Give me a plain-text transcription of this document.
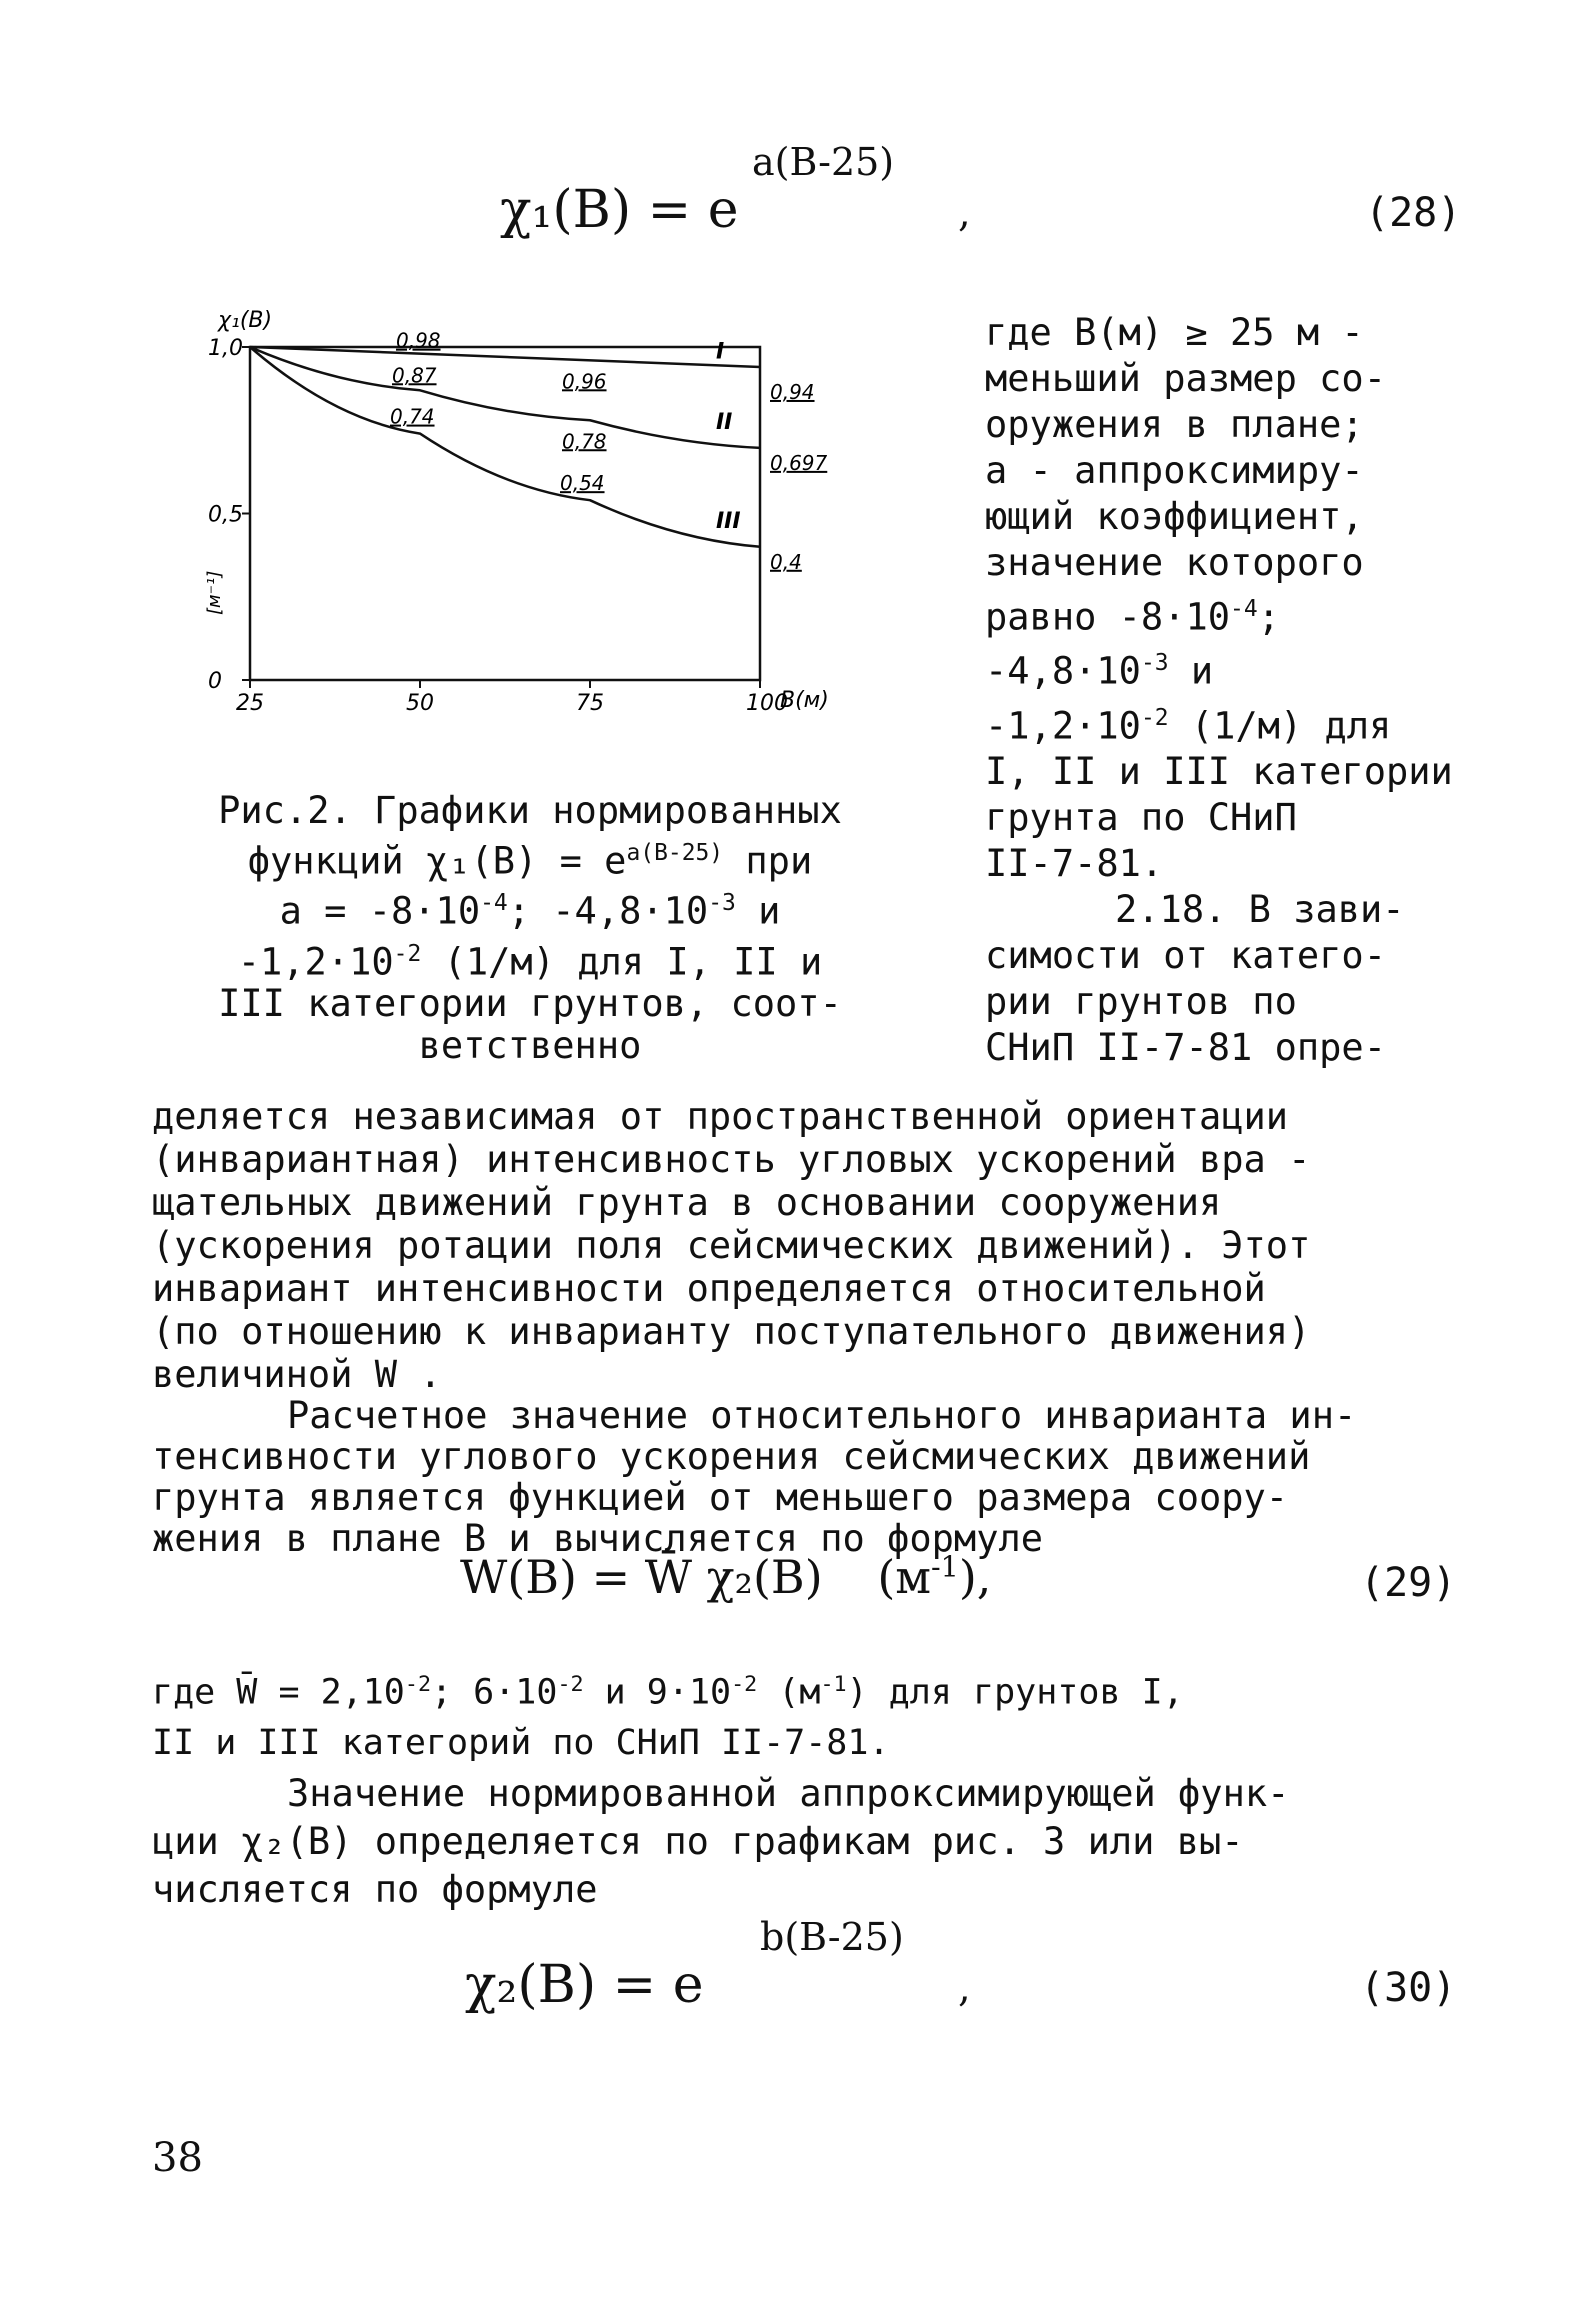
χ₁(B) = e
a(B-25)
,	(28)
χ₁(B)
[м⁻¹]
25	50	75	100
0
0,5
1,0	I
II
III
0,98
0,96	0,94
0,87
0,78
0,697
0,74
0,54
0,4
B(м)
Рис.2. Графики нормированных
функций $\chi_1(B) = e^{a(B-25)}$ при
$a = -8\cdot 10^{-4}$; $-4,8\cdot 10^{-3}$ и
$-1,2\cdot 10^{-2}$ (1/м) для I, II и
III категории грунтов, соот-
ветственно
где B(м) ≥ 25 м -
меньший размер со-
оружения в плане;
a - аппроксимиру-
ющий коэффициент,
значение которого
равно $-8\cdot 10^{-4}$;
$-4,8\cdot 10^{-3}$ и
$-1,2\cdot 10^{-2}$ (1/м) для
I, II и III категории
грунта по СНиП
II-7-81.
2.18. В зави-
симости от катего-
рии грунтов по
СНиП II-7-81 опре-
деляется независимая от пространственной ориентации
(инвариантная) интенсивность угловых ускорений вра -
щательных движений грунта в основании сооружения
(ускорения ротации поля сейсмических движений). Этот
инвариант интенсивности определяется относительной
(по отношению к инварианту поступательного движения)
величиной W .
Расчетное значение относительного инварианта ин-
тенсивности углового ускорения сейсмических движений
грунта является функцией от меньшего размера соору-
жения в плане B и вычисляется по формуле
W(B) = W̄ χ₂(B) $(м^{-1})$,	(29)
где W̄ = $2,10^{-2}$; $6\cdot 10^{-2}$ и $9\cdot 10^{-2}$ $(м^{-1})$ для грунтов I,
II и III категорий по СНиП II-7-81.
Значение нормированной аппроксимирующей функ-
ции χ₂(B) определяется по графикам рис. 3 или вы-
числяется по формуле
χ₂(B) = e
b(B-25)
,	(30)
38
